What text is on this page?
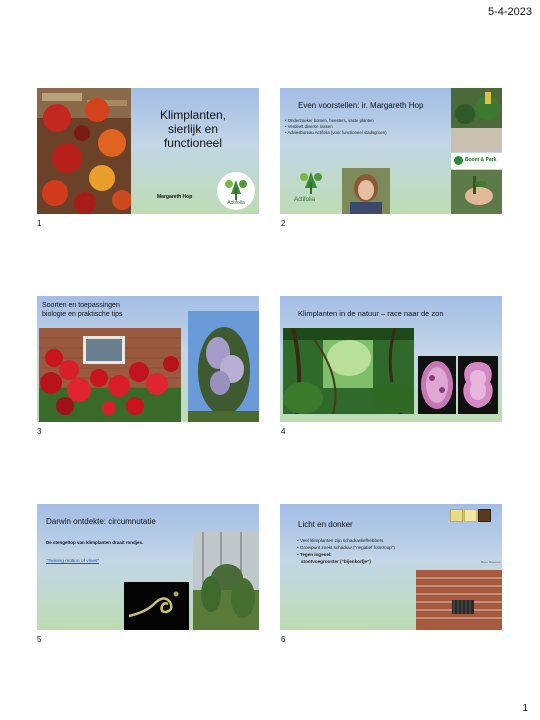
5-4-2023
Klimplanten, sierlijk en functioneel
Margareth Hop
Actifolia
1
Even voorstellen: ir. Margareth Hop
• Onderzoeker bomen, heesters, vaste planten
• Verdeelt diverse rassen
• Adviesbureau Actifolia (voor functioneel stadsgroen)
Actifolia
Boom & Park
2
Soorten en toepassingen
biologie en praktische tips
3
Klimplanten in de natuur – race naar de zon
4
Darwin ontdekte: circumnutatie
De stengeltop van klimplanten draait rondjes.
“Twining motion of vines”
5
Licht en donker
• Veel klimplanten zijn schaduwliefhebbers
• Groeipunt zoekt schaduw (“negatief fototroop”)
• Tegen ingesel:
stootvoegrooster (“bijenkorfje”)	Bron: Bouwsol
6
1
